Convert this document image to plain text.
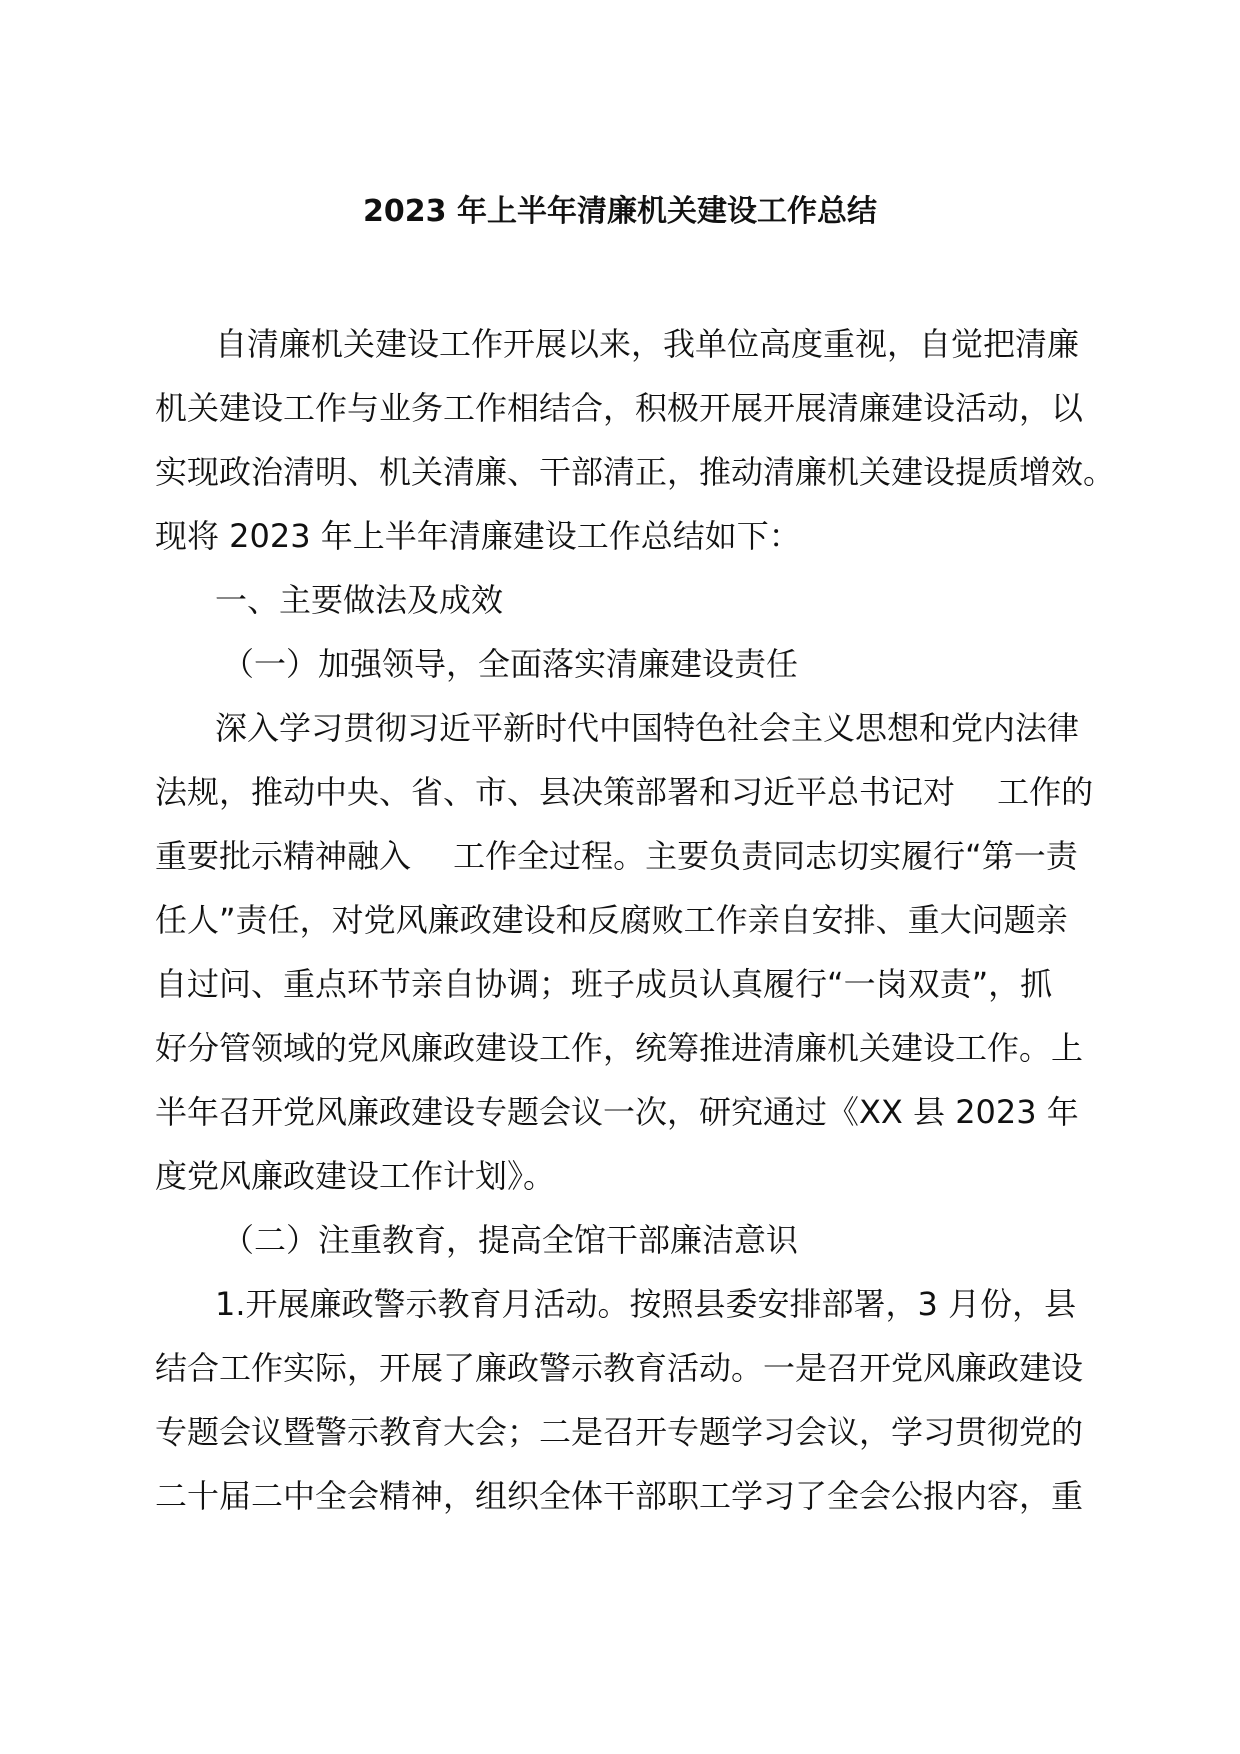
2023 年上半年清廉机关建设工作总结
自清廉机关建设工作开展以来，我单位高度重视，自觉把清廉
机关建设工作与业务工作相结合，积极开展开展清廉建设活动，以
实现政治清明、机关清廉、干部清正，推动清廉机关建设提质增效。
现将 2023 年上半年清廉建设工作总结如下：
一、主要做法及成效
（一）加强领导，全面落实清廉建设责任
深入学习贯彻习近平新时代中国特色社会主义思想和党内法律
法规，推动中央、省、市、县决策部署和习近平总书记对　 工作的
重要批示精神融入　 工作全过程。主要负责同志切实履行“第一责
任人”责任，对党风廉政建设和反腐败工作亲自安排、重大问题亲
自过问、重点环节亲自协调；班子成员认真履行“一岗双责”，抓
好分管领域的党风廉政建设工作，统筹推进清廉机关建设工作。上
半年召开党风廉政建设专题会议一次，研究通过《XX 县 2023 年
度党风廉政建设工作计划》。
（二）注重教育，提高全馆干部廉洁意识
1.开展廉政警示教育月活动。按照县委安排部署，3 月份，县
结合工作实际，开展了廉政警示教育活动。一是召开党风廉政建设
专题会议暨警示教育大会；二是召开专题学习会议，学习贯彻党的
二十届二中全会精神，组织全体干部职工学习了全会公报内容，重
